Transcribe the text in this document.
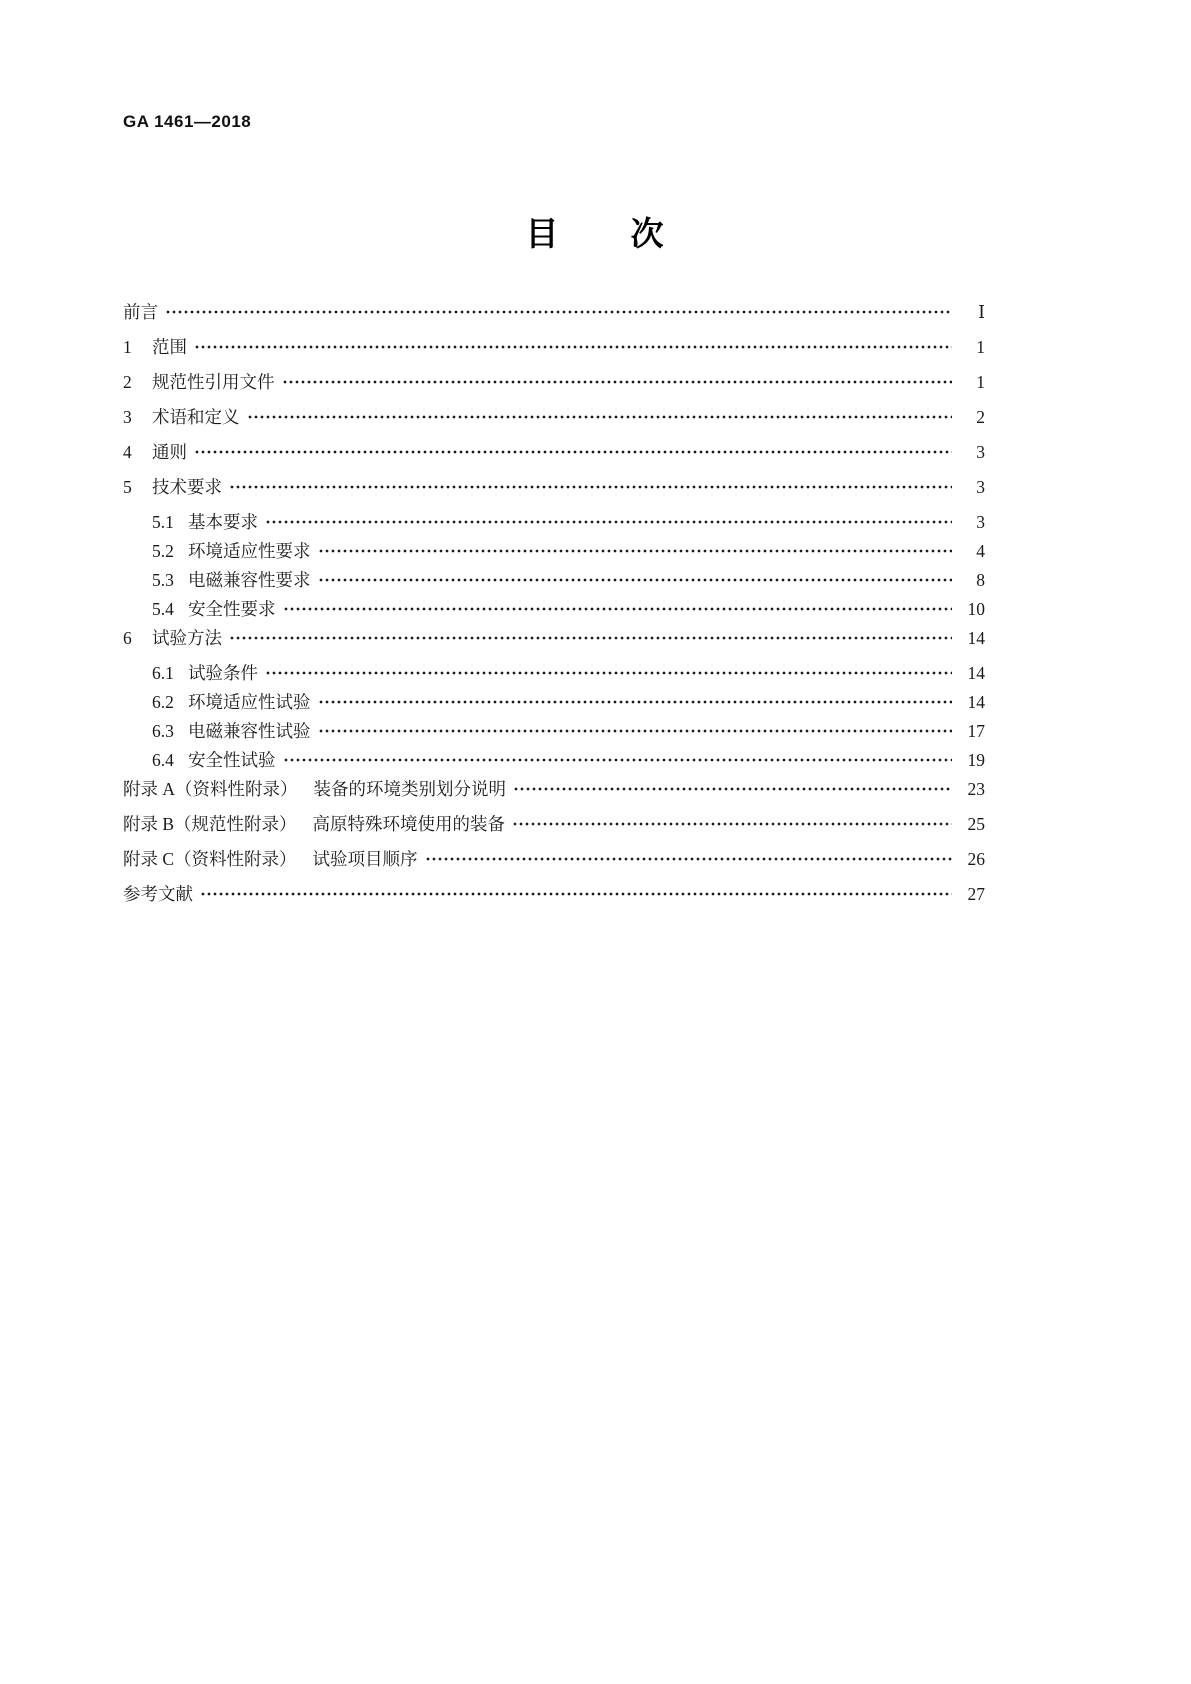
GA 1461—2018
目　　次
前言	Ⅰ
1	范围	1
2	规范性引用文件	1
3	术语和定义	2
4	通则	3
5	技术要求	3
5.1 基本要求	3
5.2 环境适应性要求	4
5.3 电磁兼容性要求	8
5.4 安全性要求	10
6	试验方法	14
6.1 试验条件	14
6.2 环境适应性试验	14
6.3 电磁兼容性试验	17
6.4 安全性试验	19
附录 A（资料性附录） 装备的环境类别划分说明	23
附录 B（规范性附录） 高原特殊环境使用的装备	25
附录 C（资料性附录） 试验项目顺序	26
参考文献	27
